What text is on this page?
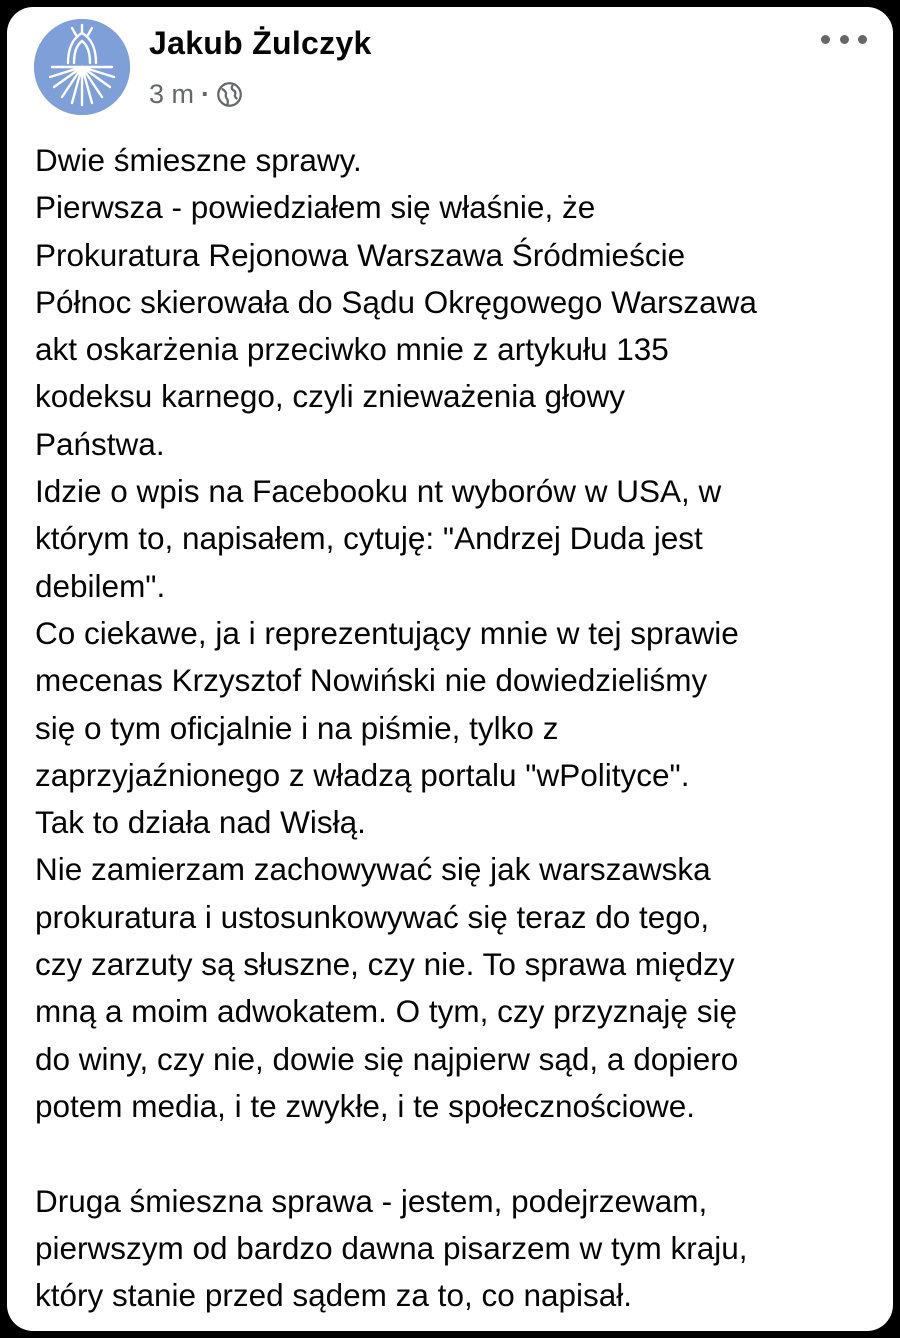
Jakub Żulczyk
3 m ·
Dwie śmieszne sprawy.
Pierwsza - powiedziałem się właśnie, że
Prokuratura Rejonowa Warszawa Śródmieście
Północ skierowała do Sądu Okręgowego Warszawa
akt oskarżenia przeciwko mnie z artykułu 135
kodeksu karnego, czyli znieważenia głowy
Państwa.
Idzie o wpis na Facebooku nt wyborów w USA, w
którym to, napisałem, cytuję: "Andrzej Duda jest
debilem".
Co ciekawe, ja i reprezentujący mnie w tej sprawie
mecenas Krzysztof Nowiński nie dowiedzieliśmy
się o tym oficjalnie i na piśmie, tylko z
zaprzyjaźnionego z władzą portalu "wPolityce".
Tak to działa nad Wisłą.
Nie zamierzam zachowywać się jak warszawska
prokuratura i ustosunkowywać się teraz do tego,
czy zarzuty są słuszne, czy nie. To sprawa między
mną a moim adwokatem. O tym, czy przyznaję się
do winy, czy nie, dowie się najpierw sąd, a dopiero
potem media, i te zwykłe, i te społecznościowe.
Druga śmieszna sprawa - jestem, podejrzewam,
pierwszym od bardzo dawna pisarzem w tym kraju,
który stanie przed sądem za to, co napisał.
